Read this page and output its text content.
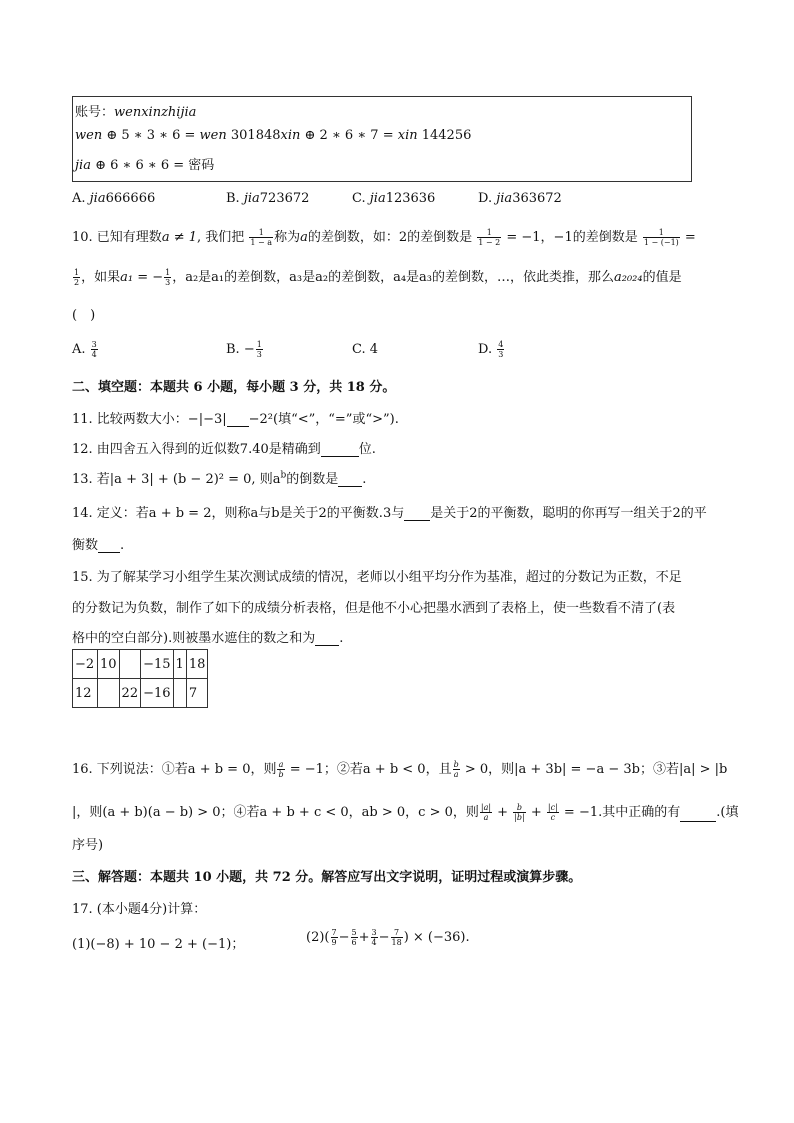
账号：wenxinzhijia
wen ⊕ 5 ∗ 3 ∗ 6 = wen 301848xin ⊕ 2 ∗ 6 ∗ 7 = xin 144256
jia ⊕ 6 ∗ 6 ∗ 6 = 密码
A. jia666666	B. jia723672	C. jia123636	D. jia363672
10. 已知有理数a ≠ 1, 我们把 $\frac{1}{1 - a}$ 称为a的差倒数，如：2的差倒数是 $\frac{1}{1 - 2} = -1$，−1的差倒数是 $\frac{1}{1 - (-1)}$ =
$\frac{1}{2}$ ，如果a₁ = − $\frac{1}{3}$ ，a₂是a₁的差倒数，a₃是a₂的差倒数，a₄是a₃的差倒数，…，依此类推，那么a₂₀₂₄的值是
(　)
A. $\frac{3}{4}$	B. − $\frac{1}{3}$	C. 4	D. $\frac{4}{3}$
二、填空题：本题共 6 小题，每小题 3 分，共 18 分。
11. 比较两数大小：−|−3| −2²(填“<”，“=”或“>”).
12. 由四舍五入得到的近似数7.40是精确到	位.
13. 若|a + 3| + (b − 2)² = 0, 则$a^b$的倒数是 .
14. 定义：若a + b = 2，则称a与b是关于2的平衡数.3与 是关于2的平衡数，聪明的你再写一组关于2的平
衡数 .
15. 为了解某学习小组学生某次测试成绩的情况，老师以小组平均分作为基准，超过的分数记为正数，不足
的分数记为负数，制作了如下的成绩分析表格，但是他不小心把墨水洒到了表格上，使一些数看不清了(表
格中的空白部分).则被墨水遮住的数之和为 .
−2	10		−15	1	18
12		22	−16		7
16. 下列说法：①若a + b = 0，则 $\frac{a}{b} = -1$；②若a + b < 0，且 $\frac{b}{a} > 0$，则|a + 3b| = −a − 3b；③若|a| > |b
|，则(a + b)(a − b) > 0；④若a + b + c < 0，ab > 0，c > 0，则 $\frac{|a|}{a} + \frac{b}{|b|} + \frac{|c|}{c} = -1$.其中正确的有	.(填
序号)
三、解答题：本题共 10 小题，共 72 分。解答应写出文字说明，证明过程或演算步骤。
17. (本小题4分)计算：
(1)(−8) + 10 − 2 + (−1)；	$(2)( \frac{7}{9} - \frac{5}{6} + \frac{3}{4} - \frac{7}{18}$ ) × (−36).
